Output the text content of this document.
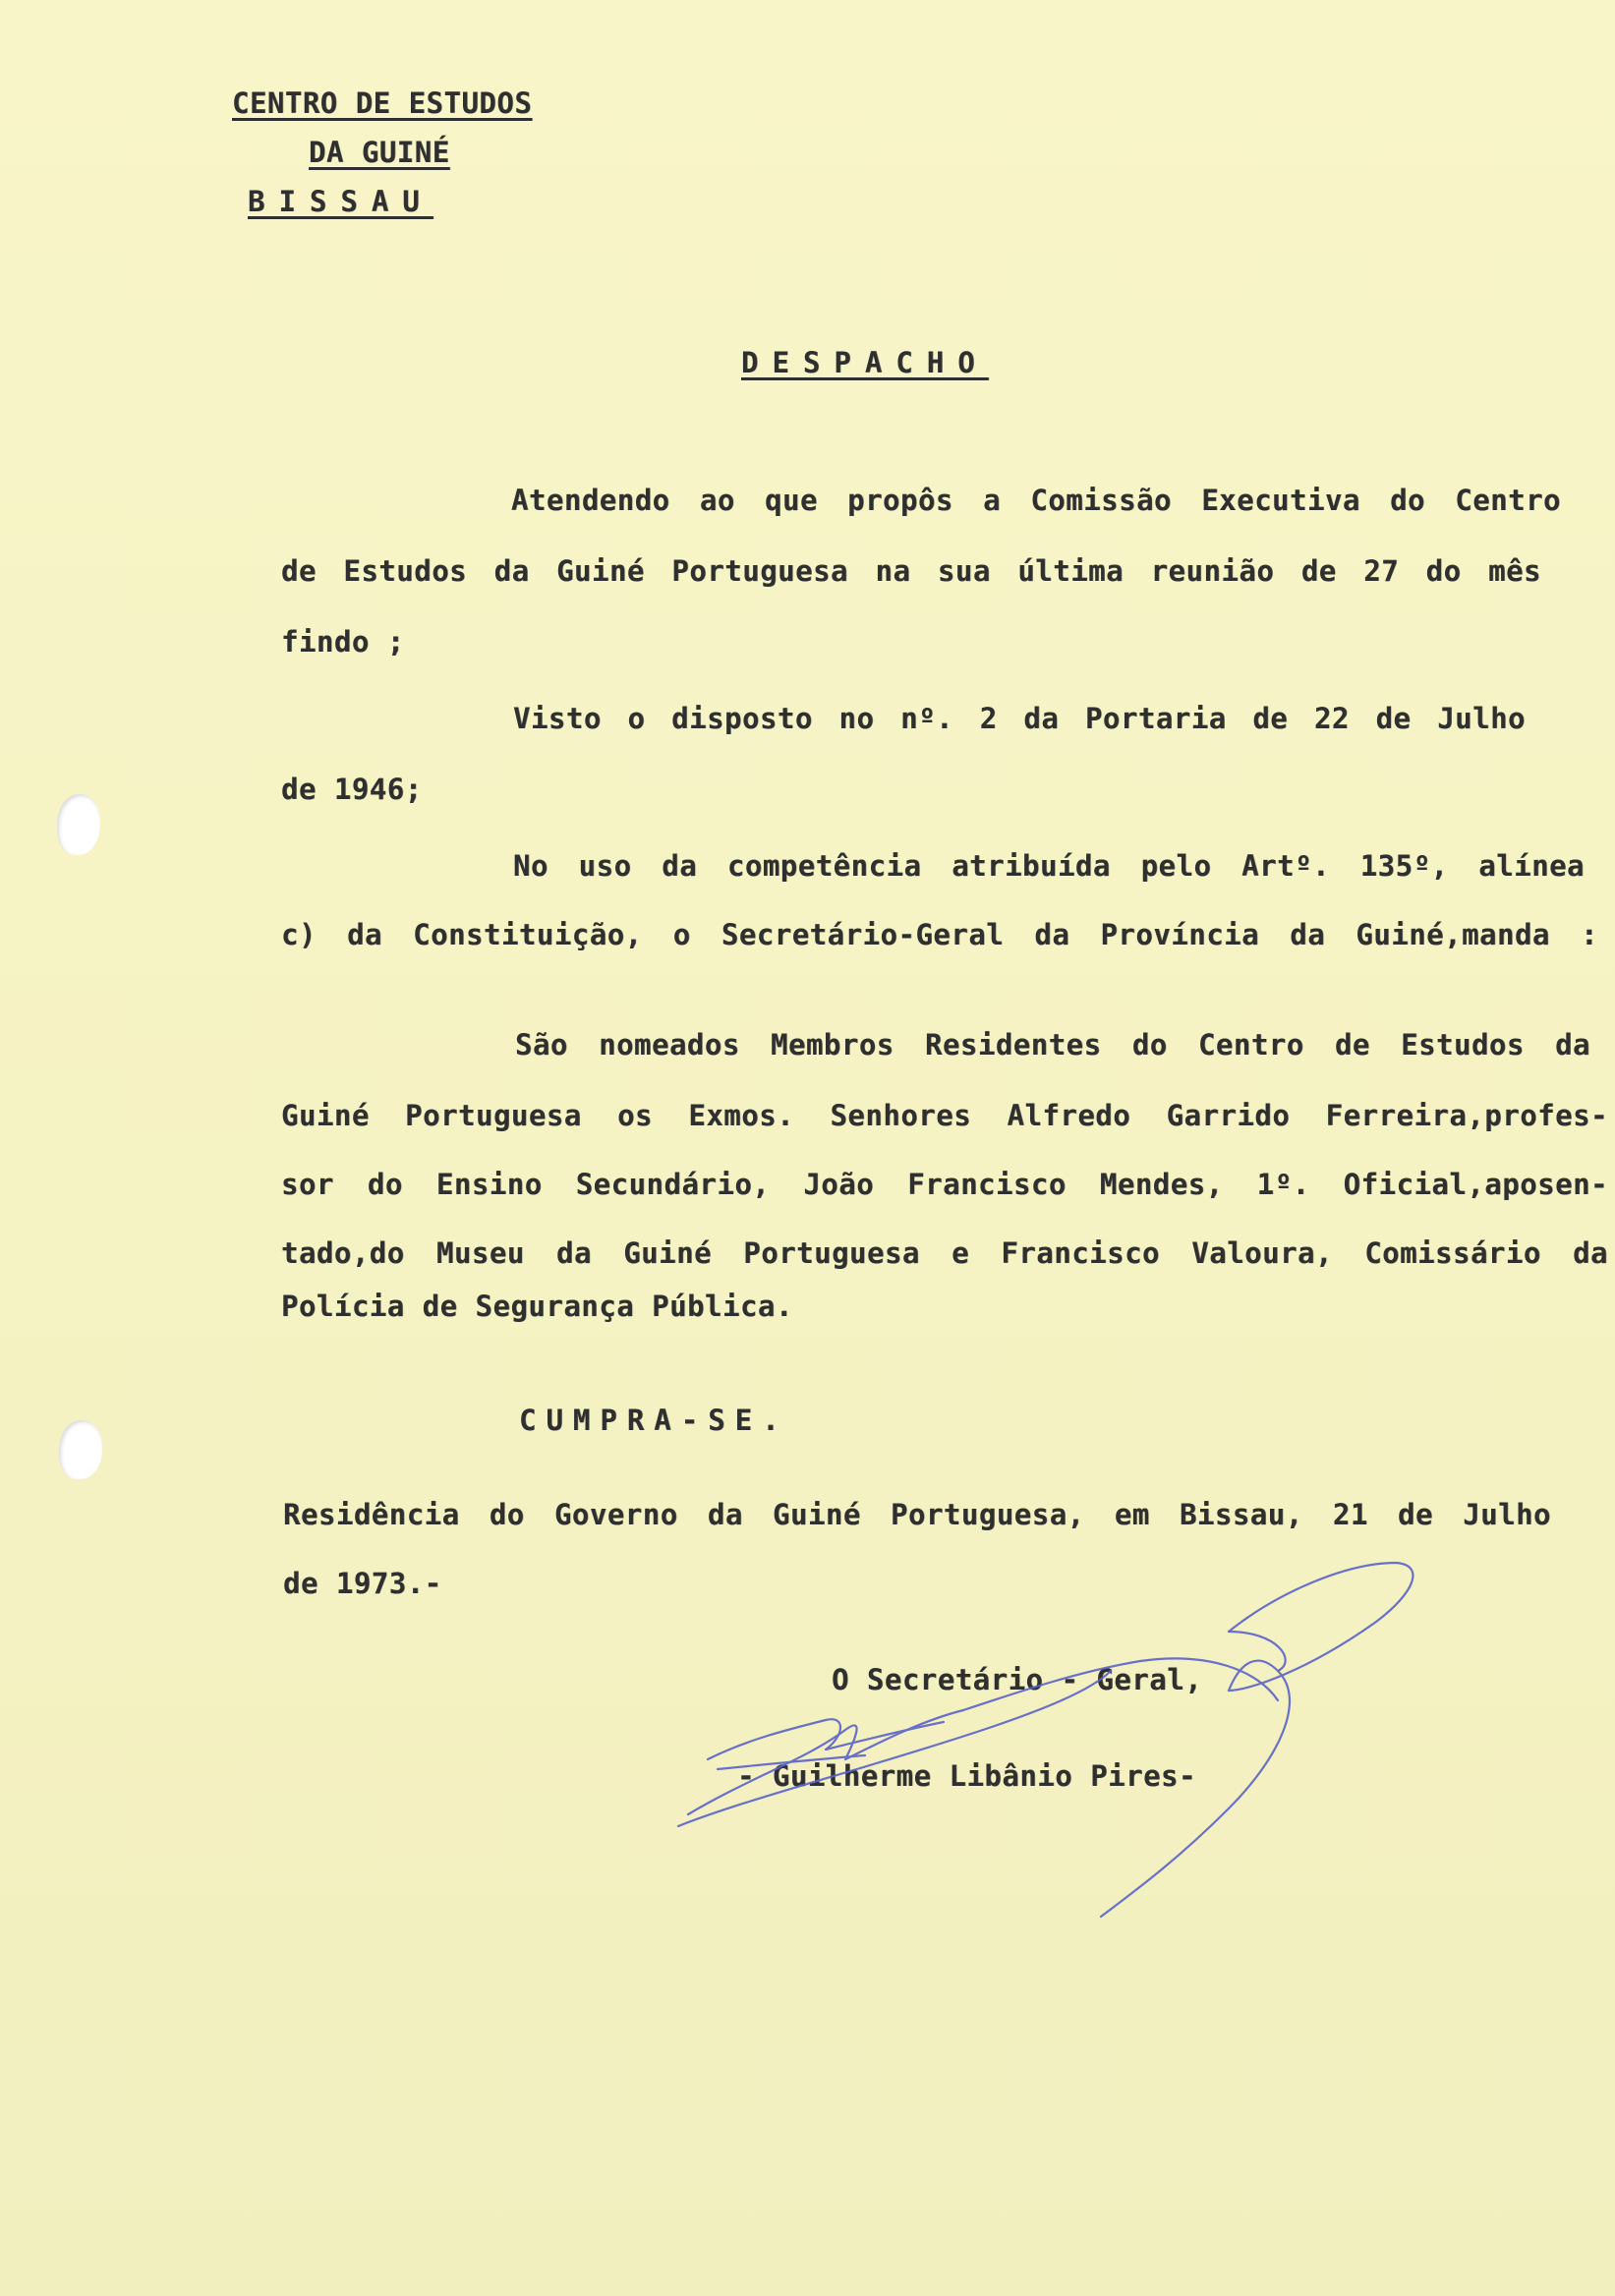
CENTRO DE ESTUDOS
DA GUINÉ
BISSAU
DESPACHO
Atendendo ao que propôs a Comissão Executiva do Centro
de Estudos da Guiné Portuguesa na sua última reunião de 27 do mês
findo ;
Visto o disposto no nº. 2 da Portaria de 22 de Julho
de 1946;
No uso da competência atribuída pelo Artº. 135º, alínea
c) da Constituição, o Secretário-Geral da Província da Guiné,manda :
São nomeados Membros Residentes do Centro de Estudos da
Guiné Portuguesa os Exmos. Senhores Alfredo Garrido Ferreira,profes-
sor do Ensino Secundário, João Francisco Mendes, 1º. Oficial,aposen-
tado,do Museu da Guiné Portuguesa e Francisco Valoura, Comissário da
Polícia de Segurança Pública.
CUMPRA-SE.
Residência do Governo da Guiné Portuguesa, em Bissau, 21 de Julho
de 1973.-
O Secretário - Geral,
- Guilherme Libânio Pires-
